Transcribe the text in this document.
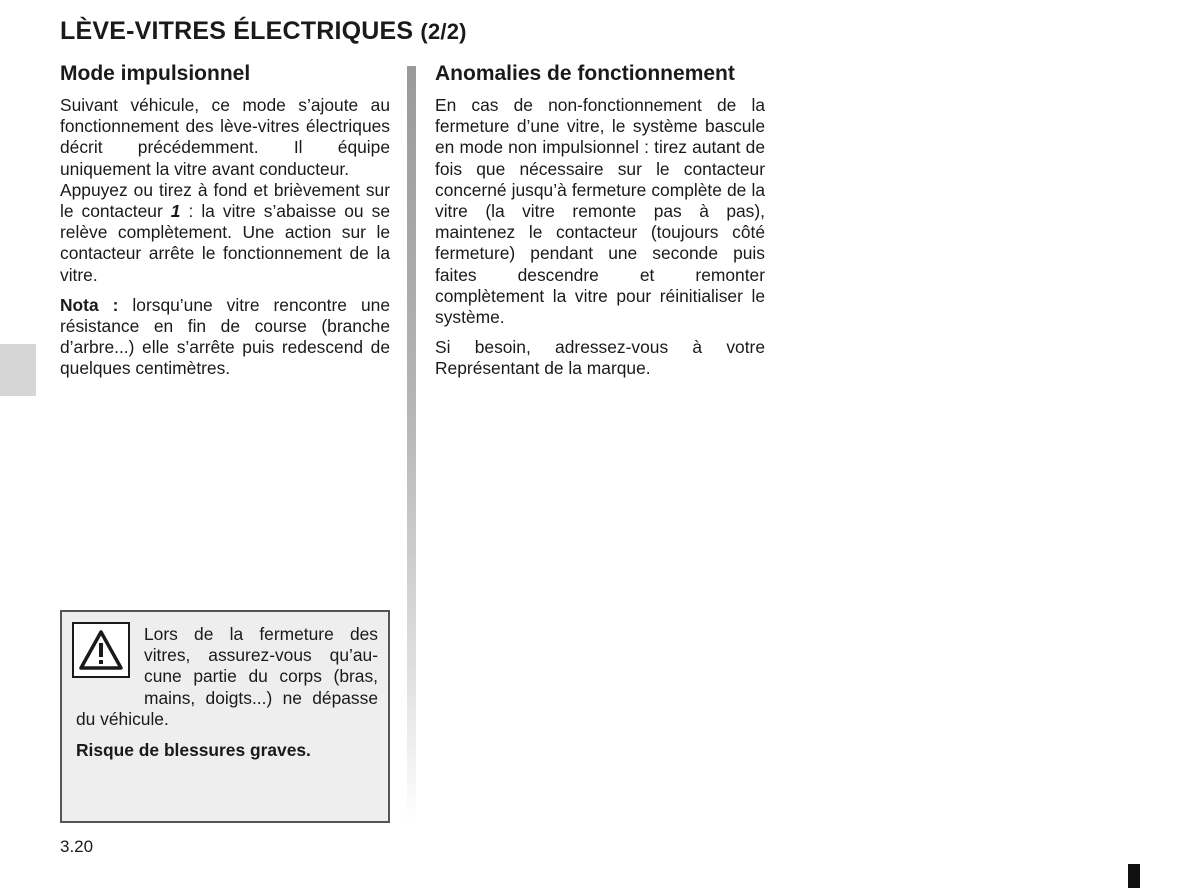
LÈVE-VITRES ÉLECTRIQUES (2/2)
Mode impulsionnel

Suivant véhicule, ce mode s’ajoute au fonctionnement des lève-vitres électriques décrit précédemment. Il équipe uniquement la vitre avant conducteur.

Appuyez ou tirez à fond et brièvement sur le contacteur 1 : la vitre s’abaisse ou se relève complètement. Une action sur le contacteur arrête le fonctionnement de la vitre.

Nota : lorsqu’une vitre rencontre une résistance en fin de course (branche d’arbre...) elle s’arrête puis redescend de quelques centimètres.

Anomalies de fonctionnement

En cas de non-fonctionnement de la fermeture d’une vitre, le système bascule en mode non impulsionnel : tirez autant de fois que nécessaire sur le contacteur concerné jusqu’à fermeture complète de la vitre (la vitre remonte pas à pas), maintenez le contacteur (toujours côté fermeture) pendant une seconde puis faites descendre et remonter complètement la vitre pour réinitialiser le système.

Si besoin, adressez-vous à votre Représentant de la marque.

Lors de la fermeture des vitres, assurez-vous qu’aucune partie du corps (bras, mains, doigts...) ne dépasse du véhicule.

Risque de blessures graves.

3.20
